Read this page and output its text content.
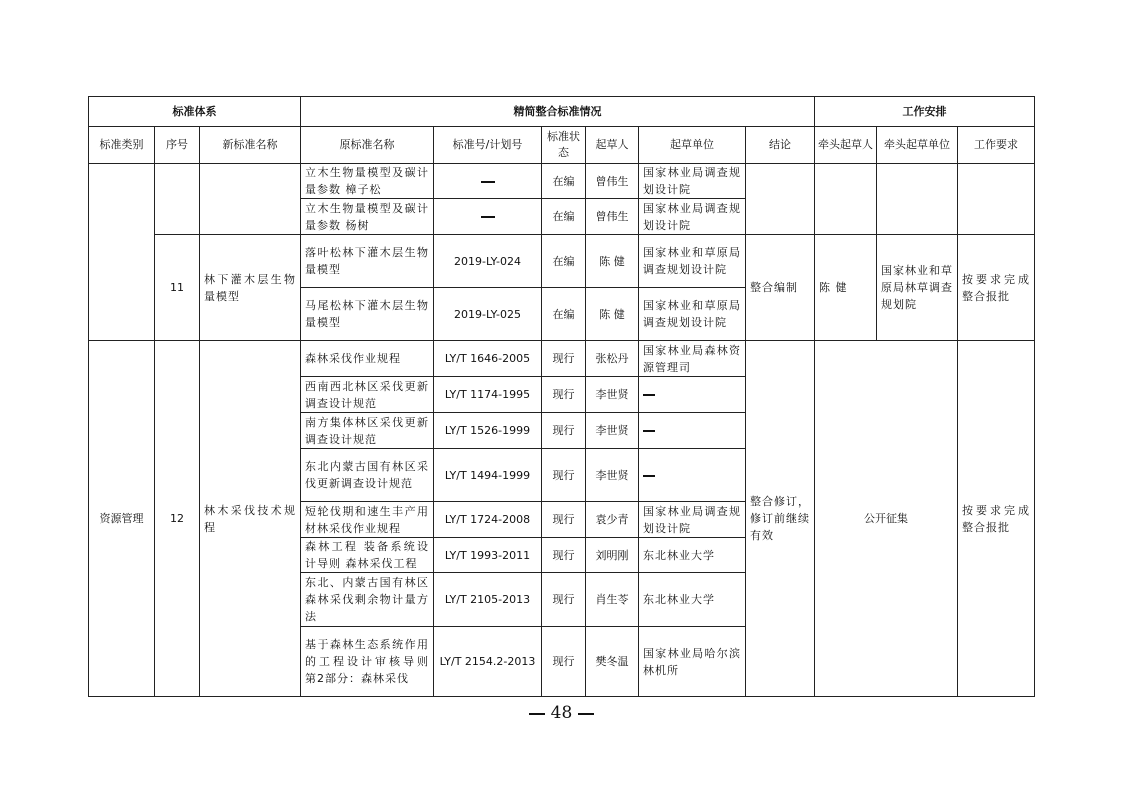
标准体系			精简整合标准情况						工作安排		
标准类别	序号	新标准名称	原标准名称	标准号/计划号	标准状态	起草人	起草单位	结论	牵头起草人	牵头起草单位	工作要求
			立木生物量模型及碳计量参数 樟子松		在编	曾伟生	国家林业局调查规划设计院				
			立木生物量模型及碳计量参数 杨树		在编	曾伟生	国家林业局调查规划设计院				
	11	林下灌木层生物量模型	落叶松林下灌木层生物量模型	2019-LY-024	在编	陈 健	国家林业和草原局调查规划设计院	整合编制	陈 健	国家林业和草原局林草调查规划院	按要求完成整合报批
			马尾松林下灌木层生物量模型	2019-LY-025	在编	陈 健	国家林业和草原局调查规划设计院				
资源管理	12	林木采伐技术规程	森林采伐作业规程	LY/T 1646-2005	现行	张松丹	国家林业局森林资源管理司	整合修订，修订前继续有效	公开征集		按要求完成整合报批
			西南西北林区采伐更新调查设计规范	LY/T 1174-1995	现行	李世贤					
			南方集体林区采伐更新调查设计规范	LY/T 1526-1999	现行	李世贤					
			东北内蒙古国有林区采伐更新调查设计规范	LY/T 1494-1999	现行	李世贤					
			短轮伐期和速生丰产用材林采伐作业规程	LY/T 1724-2008	现行	袁少青	国家林业局调查规划设计院				
			森林工程 装备系统设计导则 森林采伐工程	LY/T 1993-2011	现行	刘明刚	东北林业大学				
			东北、内蒙古国有林区森林采伐剩余物计量方法	LY/T 2105-2013	现行	肖生苓	东北林业大学				
			基于森林生态系统作用的工程设计审核导则 第2部分：森林采伐	LY/T 2154.2-2013	现行	樊冬温	国家林业局哈尔滨林机所				
48
